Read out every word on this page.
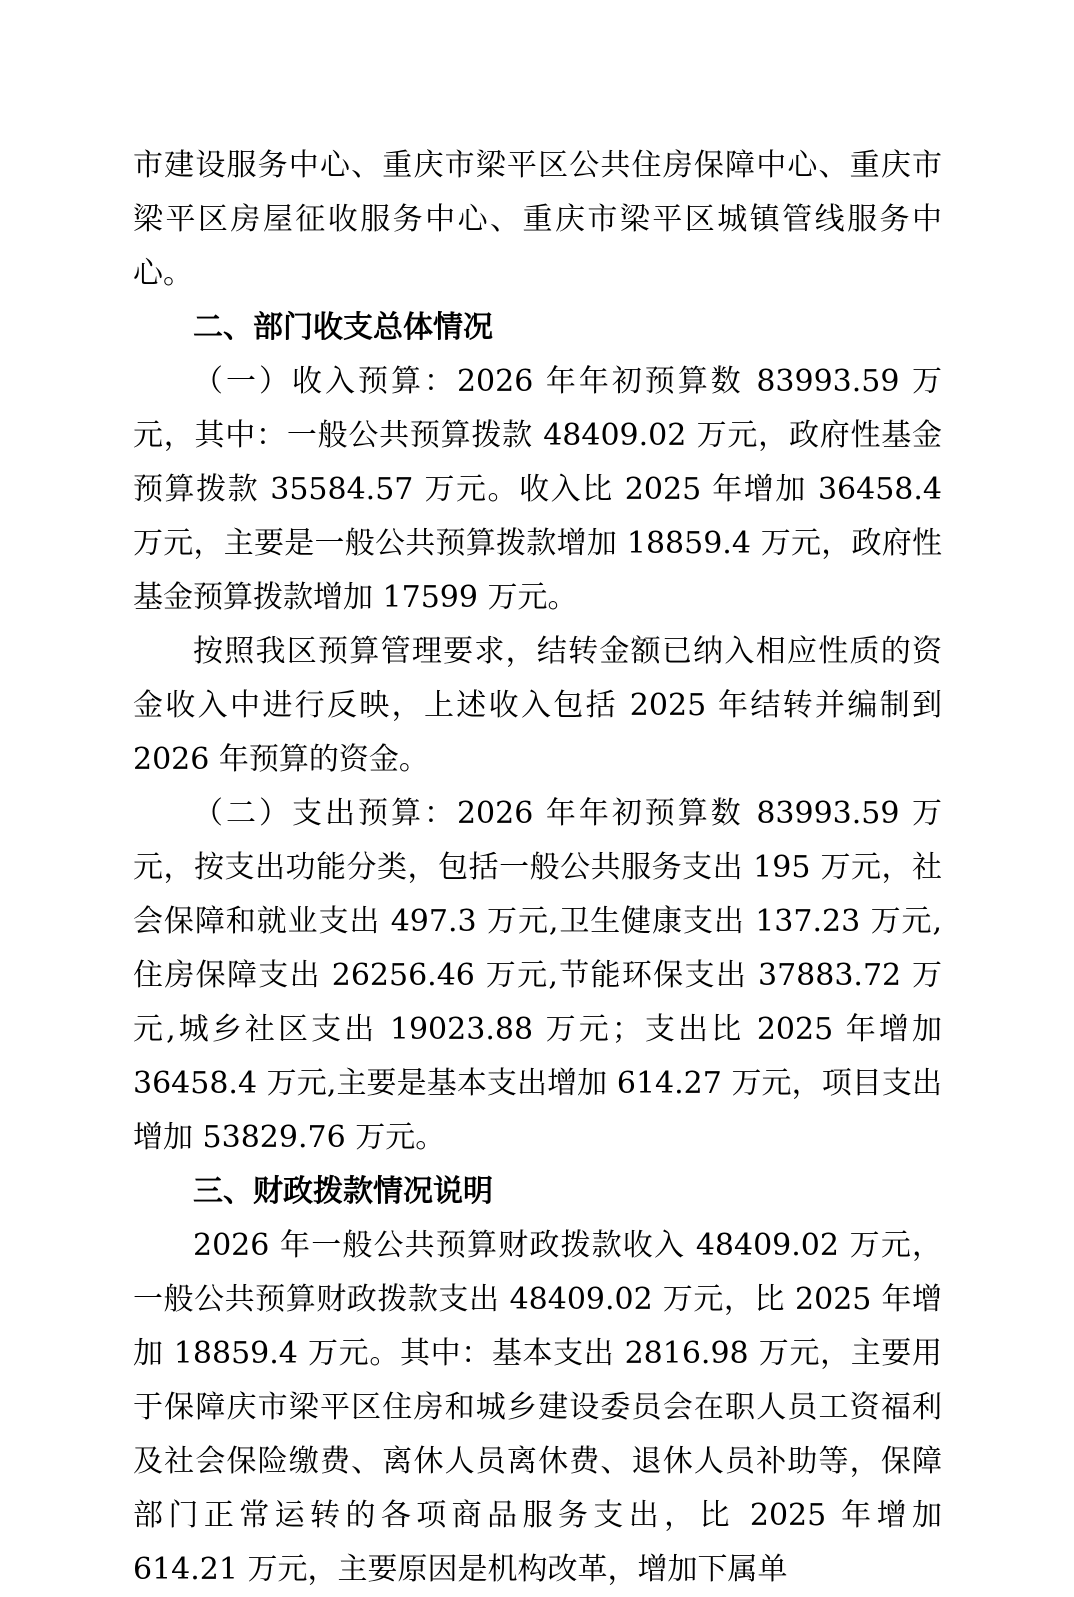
市建设服务中心、重庆市梁平区公共住房保障中心、重庆市梁平区房屋征收服务中心、重庆市梁平区城镇管线服务中心。

二、部门收支总体情况

（一）收入预算：2026 年年初预算数 83993.59 万元，其中：一般公共预算拨款 48409.02 万元，政府性基金预算拨款 35584.57 万元。收入比 2025 年增加 36458.4 万元，主要是一般公共预算拨款增加 18859.4 万元，政府性基金预算拨款增加 17599 万元。

按照我区预算管理要求，结转金额已纳入相应性质的资金收入中进行反映，上述收入包括 2025 年结转并编制到 2026 年预算的资金。

（二）支出预算：2026 年年初预算数 83993.59 万元，按支出功能分类，包括一般公共服务支出 195 万元，社会保障和就业支出 497.3 万元,卫生健康支出 137.23 万元,住房保障支出 26256.46 万元,节能环保支出 37883.72 万元,城乡社区支出 19023.88 万元；支出比 2025 年增加 36458.4 万元,主要是基本支出增加 614.27 万元，项目支出增加 53829.76 万元。

三、财政拨款情况说明

2026 年一般公共预算财政拨款收入 48409.02 万元，一般公共预算财政拨款支出 48409.02 万元，比 2025 年增加 18859.4 万元。其中：基本支出 2816.98 万元，主要用于保障庆市梁平区住房和城乡建设委员会在职人员工资福利及社会保险缴费、离休人员离休费、退休人员补助等，保障部门正常运转的各项商品服务支出，比 2025 年增加 614.21 万元，主要原因是机构改革，增加下属单
